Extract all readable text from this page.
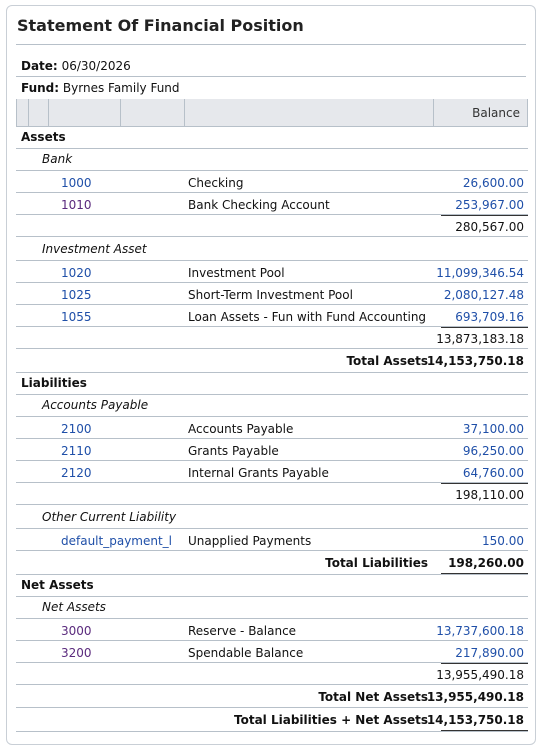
Statement Of Financial Position
Date: 06/30/2026
Fund: Byrnes Family Fund
Balance
Assets
Bank
1000	Checking	26,600.00
1010	Bank Checking Account	253,967.00
280,567.00
Investment Asset
1020	Investment Pool	11,099,346.54
1025	Short-Term Investment Pool	2,080,127.48
1055	Loan Assets - Fun with Fund Accounting 693,709.16
13,873,183.18
Total Assets
14,153,750.18
Liabilities
Accounts Payable
2100	Accounts Payable	37,100.00
2110	Grants Payable	96,250.00
2120	Internal Grants Payable	64,760.00
198,110.00
Other Current Liability
default_payment_l Unapplied Payments	150.00
Total Liabilities 198,260.00
Net Assets
Net Assets
3000	Reserve - Balance	13,737,600.18
3200	Spendable Balance	217,890.00
13,955,490.18
Total Net Assets
13,955,490.18
Total Liabilities + Net Assets
14,153,750.18
